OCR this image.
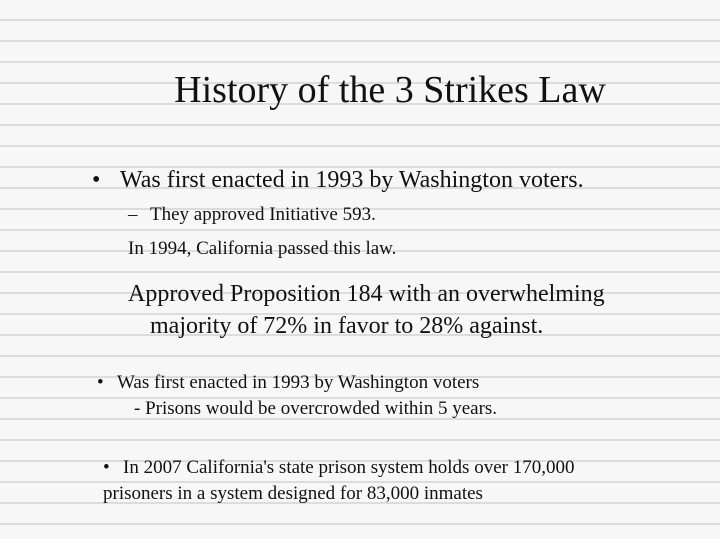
History of the 3 Strikes Law
• Was first enacted in 1993 by Washington voters.
– They approved Initiative 593.
In 1994, California passed this law.
Approved Proposition 184 with an overwhelming
majority of 72% in favor to 28% against.
• Was first enacted in 1993 by Washington voters
- Prisons would be overcrowded within 5 years.
• In 2007 California's state prison system holds over 170,000
prisoners in a system designed for 83,000 inmates
